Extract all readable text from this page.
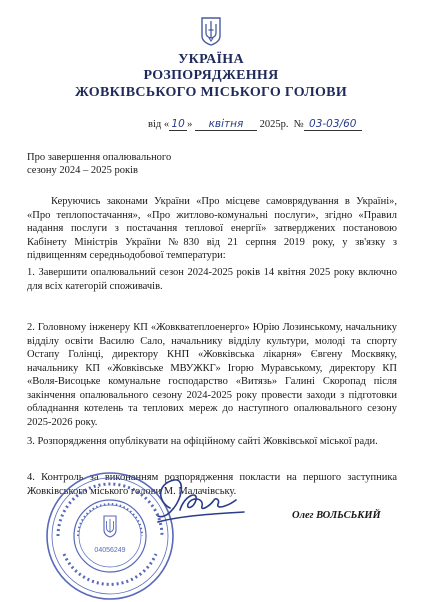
УКРАЇНА
РОЗПОРЯДЖЕННЯ
ЖОВКІВСЬКОГО МІСЬКОГО ГОЛОВИ
від « 10 » квітня 2025р. № 03-03/60
Про завершення опалювального
сезону 2024 – 2025 років
Керуючись законами України «Про місцеве самоврядування в Україні», «Про теплопостачання», «Про житлово-комунальні послуги», згідно «Правил надання послуги з постачання теплової енергії» затверджених постановою Кабінету Міністрів України №830 від 21 серпня 2019 року, у зв'язку з підвищенням середньодобової температури:
1. Завершити опалювальний сезон 2024-2025 років 14 квітня 2025 року включно для всіх категорій споживачів.
2. Головному інженеру КП «Жовкватеплоенерго» Юрію Лозинському, начальнику відділу освіти Василю Сало, начальнику відділу культури, молоді та спорту Остапу Голінці, директору КНП «Жовківська лікарня» Євгену Москвяку, начальнику КП «Жовківське МВУЖКГ» Ігорю Муравському, директору КП «Воля-Висоцьке комунальне господарство «Витязь» Галині Скоропад після закінчення опалювального сезону 2024-2025 року провести заходи з підготовки обладнання котелень та теплових мереж до наступного опалювального сезону 2025-2026 року.
3. Розпорядження опублікувати на офіційному сайті Жовківської міської ради.
4. Контроль за виконанням розпорядження покласти на першого заступника Жовківського міського голови М. Малачівську.
04056249
Олег ВОЛЬСЬКИЙ
